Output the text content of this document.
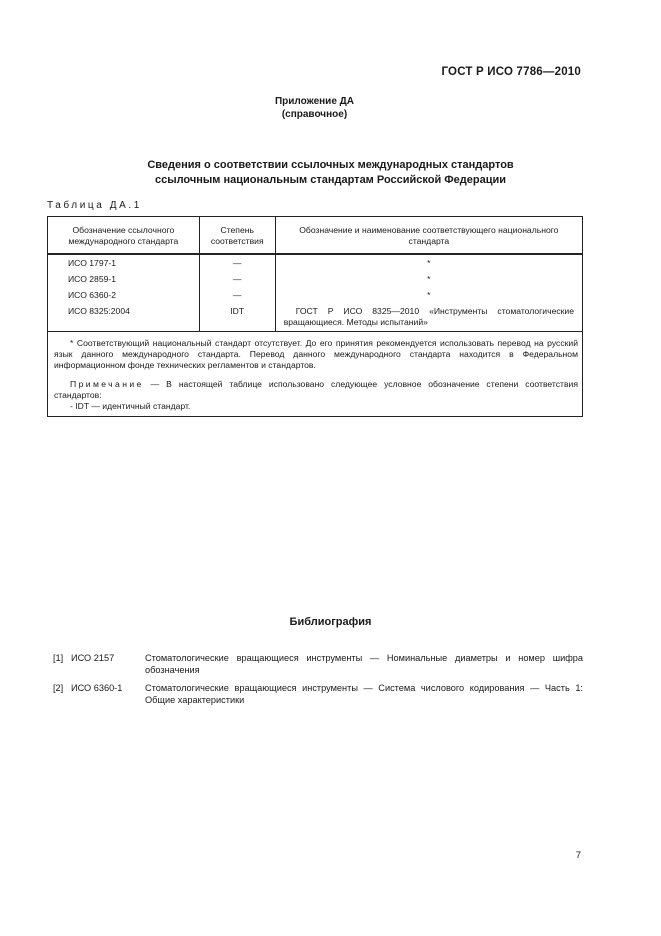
ГОСТ Р ИСО 7786—2010
Приложение ДА
(справочное)
Сведения о соответствии ссылочных международных стандартов
ссылочным национальным стандартам Российской Федерации
Таблица ДА.1
Обозначение ссылочного международного стандарта	Степень соответствия	Обозначение и наименование соответствующего национального стандарта
ИСО 1797-1	—	*
ИСО 2859-1	—	*
ИСО 6360-2	—	*
ИСО 8325:2004	IDT	ГОСТ Р ИСО 8325—2010 «Инструменты стоматологические вращающиеся. Методы испытаний»

* Соответствующий национальный стандарт отсутствует. До его принятия рекомендуется использовать перевод на русский язык данного международного стандарта. Перевод данного международного стандарта находится в Федеральном информационном фонде технических регламентов и стандартов.

Примечание — В настоящей таблице использовано следующее условное обозначение степени соответствия стандартов:

- IDT — идентичный стандарт.		

Библиография
[1] ИСО 2157	Стоматологические вращающиеся инструменты — Номинальные диаметры и номер шифра обозначения
[2] ИСО 6360-1	Стоматологические вращающиеся инструменты — Система числового кодирования — Часть 1: Общие характеристики
7
